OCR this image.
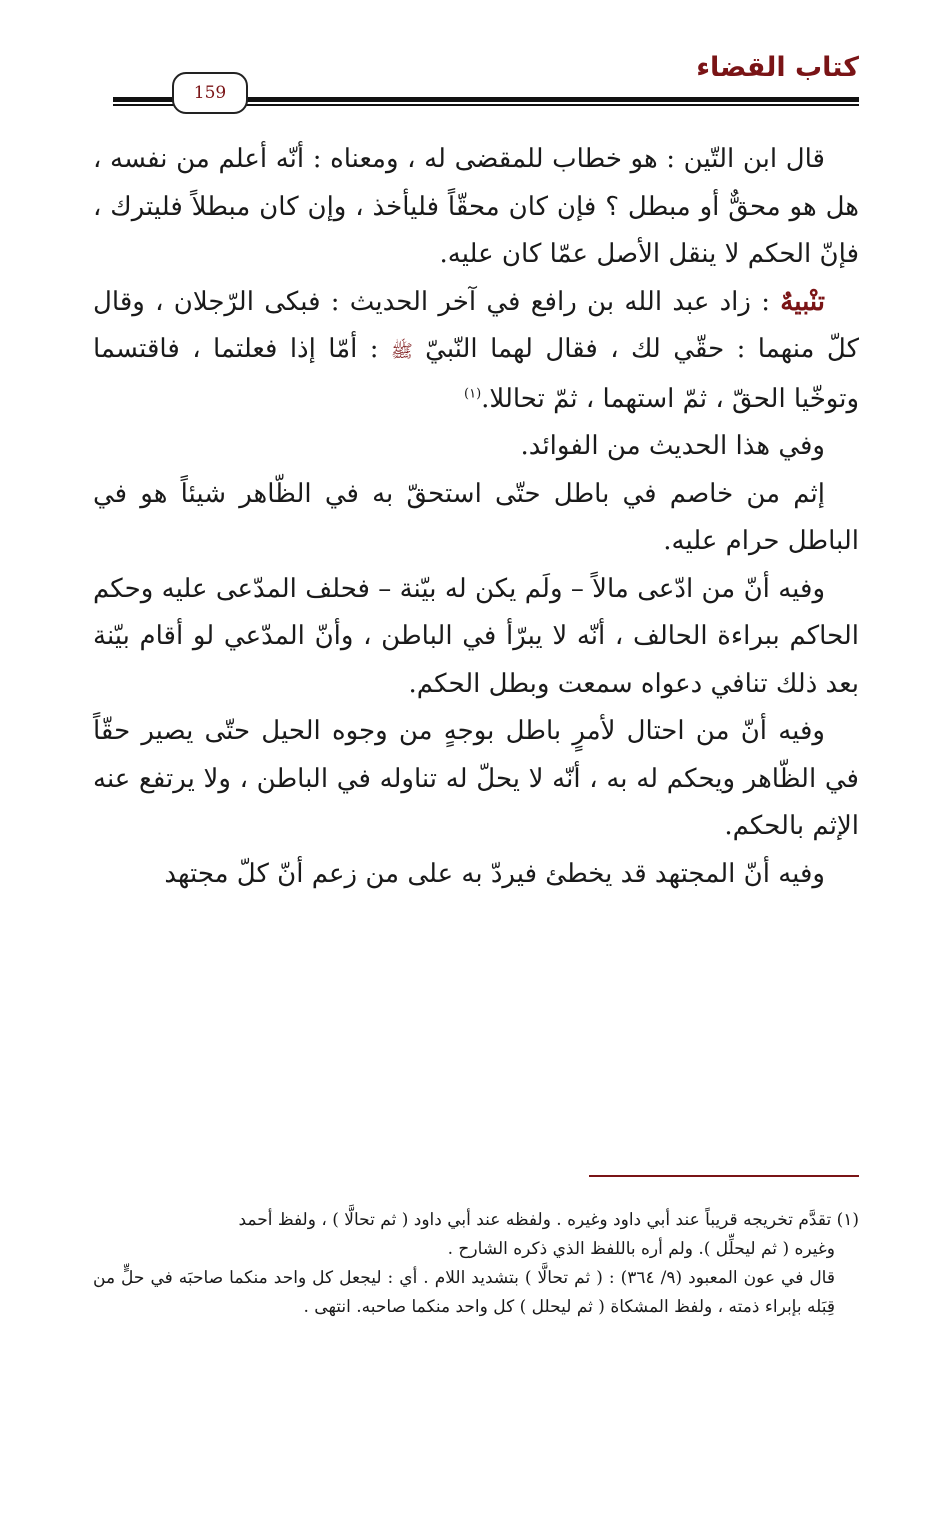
كتاب القضاء
159

قال ابن التّين : هو خطاب للمقضى له ، ومعناه : أنّه أعلم من نفسه ، هل هو محقٌّ أو مبطل ؟ فإن كان محقّاً فليأخذ ، وإن كان مبطلاً فليترك ، فإنّ الحكم لا ينقل الأصل عمّا كان عليه.

تنْبيهٌ : زاد عبد الله بن رافع في آخر الحديث : فبكى الرّجلان ، وقال كلّ منهما : حقّي لك ، فقال لهما النّبيّ ﷺ : أمّا إذا فعلتما ، فاقتسما وتوخّيا الحقّ ، ثمّ استهما ، ثمّ تحاللا.$^{(١)}$

وفي هذا الحديث من الفوائد.

إثم من خاصم في باطل حتّى استحقّ به في الظّاهر شيئاً هو في الباطل حرام عليه.

وفيه أنّ من ادّعى مالاً – ولَم يكن له بيّنة – فحلف المدّعى عليه وحكم الحاكم ببراءة الحالف ، أنّه لا يبرّأ في الباطن ، وأنّ المدّعي لو أقام بيّنة بعد ذلك تنافي دعواه سمعت وبطل الحكم.

وفيه أنّ من احتال لأمرٍ باطل بوجهٍ من وجوه الحيل حتّى يصير حقّاً في الظّاهر ويحكم له به ، أنّه لا يحلّ له تناوله في الباطن ، ولا يرتفع عنه الإثم بالحكم.

وفيه أنّ المجتهد قد يخطئ فيردّ به على من زعم أنّ كلّ مجتهد

(١) تقدَّم تخريجه قريباً عند أبي داود وغيره . ولفظه عند أبي داود ( ثم تحالَّا ) ، ولفظ أحمد

وغيره ( ثم ليحلِّل ). ولم أره باللفظ الذي ذكره الشارح .

قال في عون المعبود (٩/ ٣٦٤) : ( ثم تحالَّا ) بتشديد اللام . أي : ليجعل كل واحد منكما صاحبَه في حلٍّ من قِبَله بإبراء ذمته ، ولفظ المشكاة ( ثم ليحلل ) كل واحد منكما صاحبه. انتهى .
